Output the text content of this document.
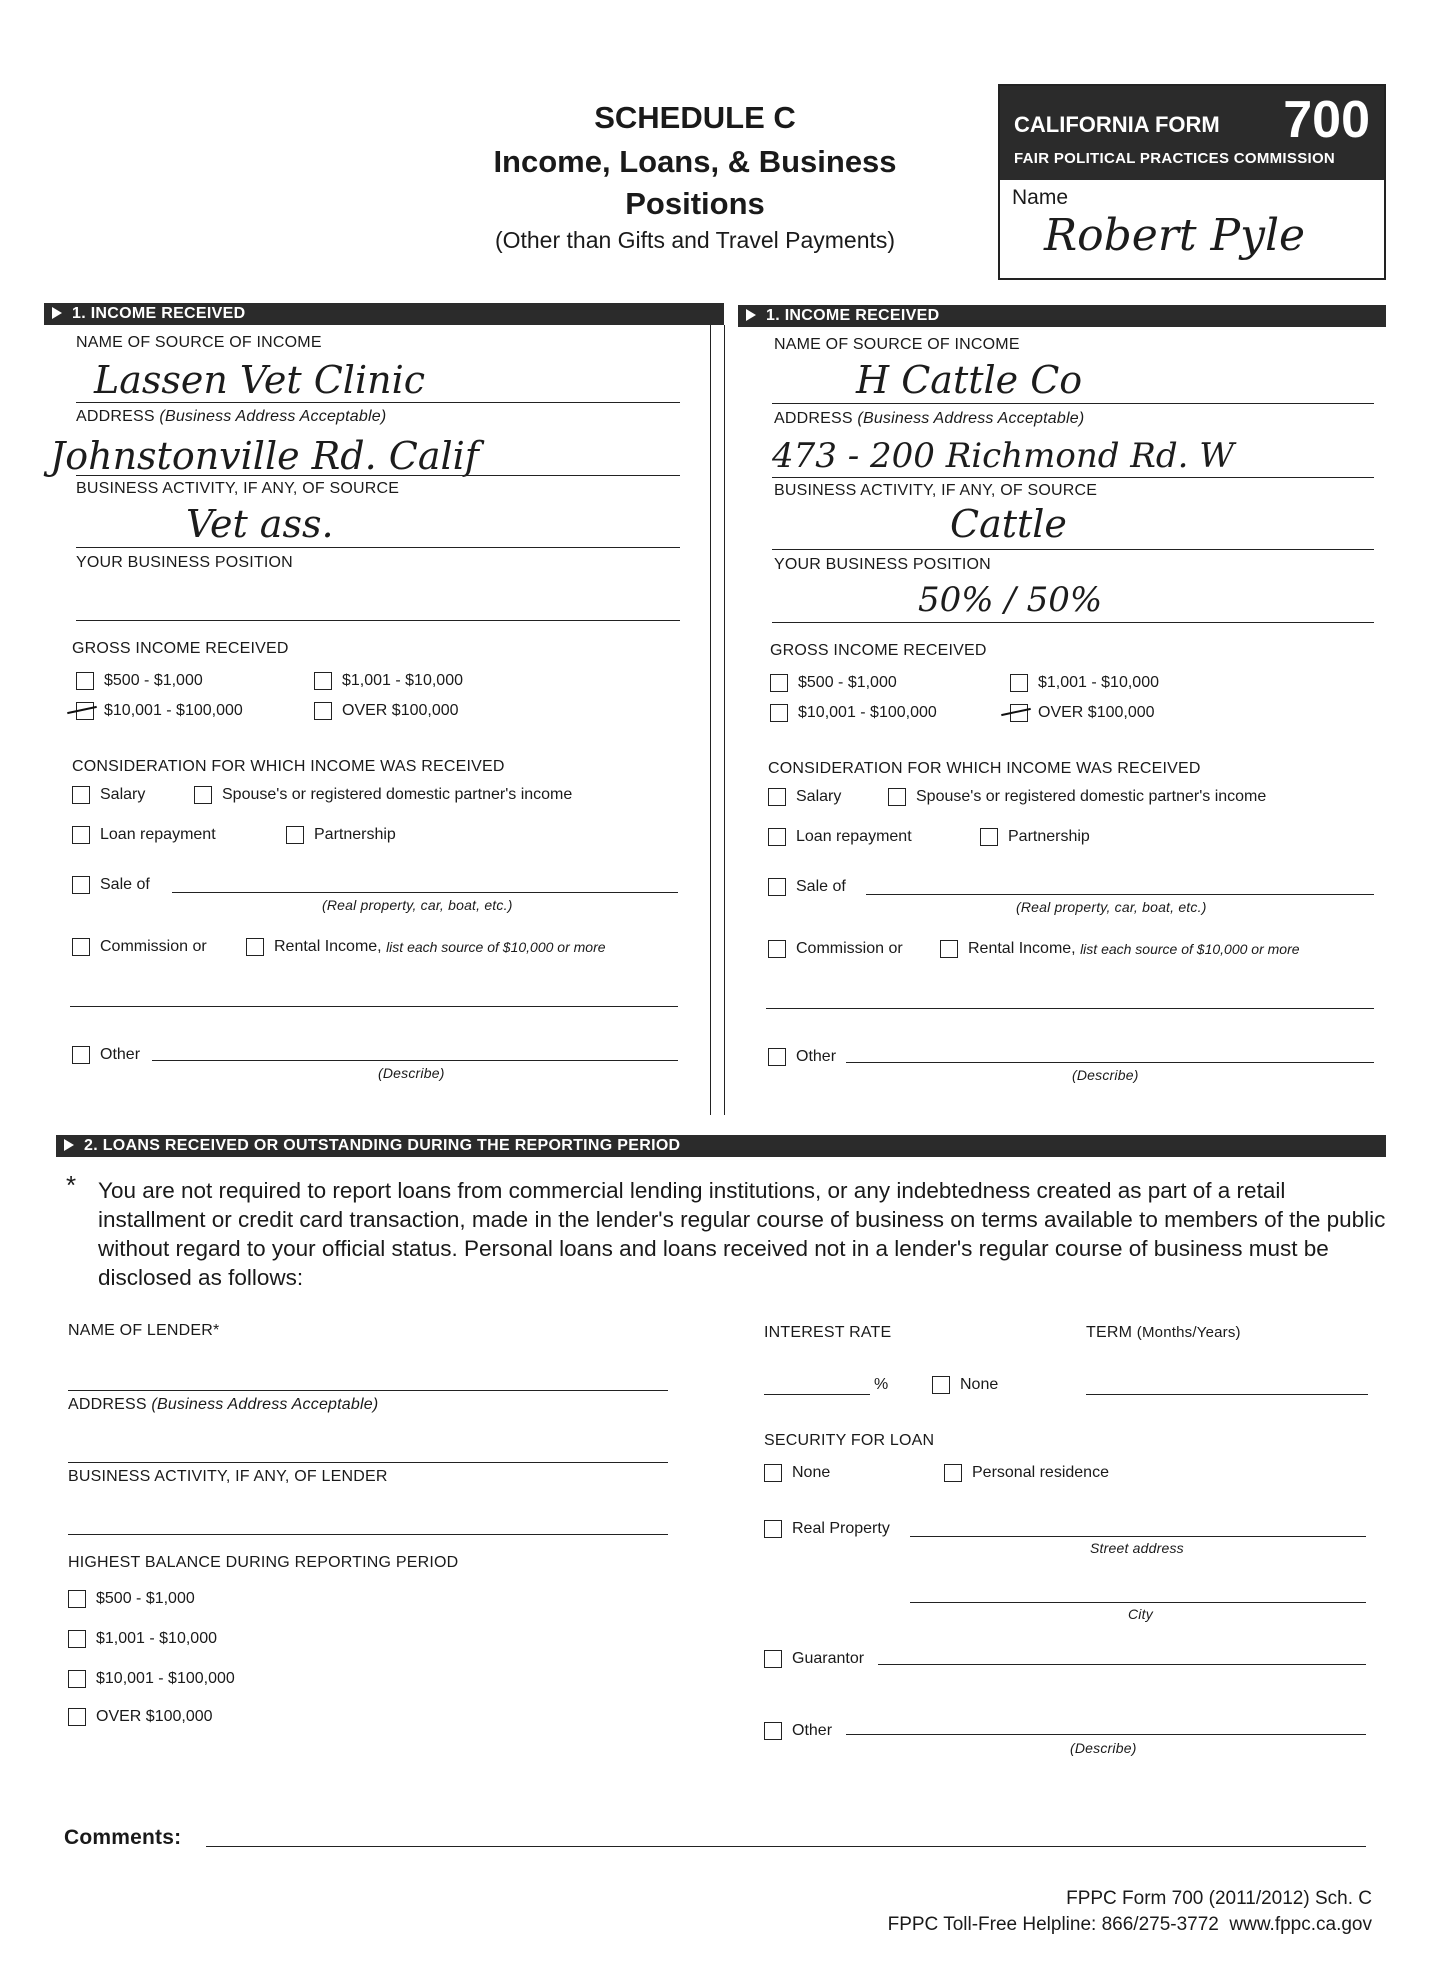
SCHEDULE C
Income, Loans, & Business
Positions
(Other than Gifts and Travel Payments)
CALIFORNIA FORM 700
FAIR POLITICAL PRACTICES COMMISSION
Name
Robert Pyle
1. INCOME RECEIVED	1. INCOME RECEIVED
NAME OF SOURCE OF INCOME
Lassen Vet Clinic
ADDRESS (Business Address Acceptable)
Johnstonville Rd. Calif
BUSINESS ACTIVITY, IF ANY, OF SOURCE
Vet ass.
YOUR BUSINESS POSITION
GROSS INCOME RECEIVED
$500 - $1,000	$1,001 - $10,000
$10,001 - $100,000	OVER $100,000
CONSIDERATION FOR WHICH INCOME WAS RECEIVED
Salary	Spouse's or registered domestic partner's income
Loan repayment	Partnership
Sale of
(Real property, car, boat, etc.)
Commission or	Rental Income,
list each source of $10,000 or more
Other
(Describe)
NAME OF SOURCE OF INCOME
H Cattle Co
ADDRESS (Business Address Acceptable)
473 - 200 Richmond Rd. W
BUSINESS ACTIVITY, IF ANY, OF SOURCE
Cattle
YOUR BUSINESS POSITION
50% / 50%
GROSS INCOME RECEIVED
$500 - $1,000	$1,001 - $10,000
$10,001 - $100,000	OVER $100,000
CONSIDERATION FOR WHICH INCOME WAS RECEIVED
Salary	Spouse's or registered domestic partner's income
Loan repayment	Partnership
Sale of
(Real property, car, boat, etc.)
Commission or	Rental Income,
list each source of $10,000 or more
Other
(Describe)
2. LOANS RECEIVED OR OUTSTANDING DURING THE REPORTING PERIOD
* You are not required to report loans from commercial lending institutions, or any indebtedness created as part of a retail installment or credit card transaction, made in the lender's regular course of business on terms available to members of the public without regard to your official status. Personal loans and loans received not in a lender's regular course of business must be disclosed as follows:
NAME OF LENDER*
ADDRESS (Business Address Acceptable)
BUSINESS ACTIVITY, IF ANY, OF LENDER
HIGHEST BALANCE DURING REPORTING PERIOD
$500 - $1,000
$1,001 - $10,000
$10,001 - $100,000
OVER $100,000
INTEREST RATE
%	None
TERM (Months/Years)
SECURITY FOR LOAN
None	Personal residence
Real Property
Street address
City
Guarantor
Other
(Describe)
Comments:
FPPC Form 700 (2011/2012) Sch. C
FPPC Toll-Free Helpline: 866/275-3772  www.fppc.ca.gov
